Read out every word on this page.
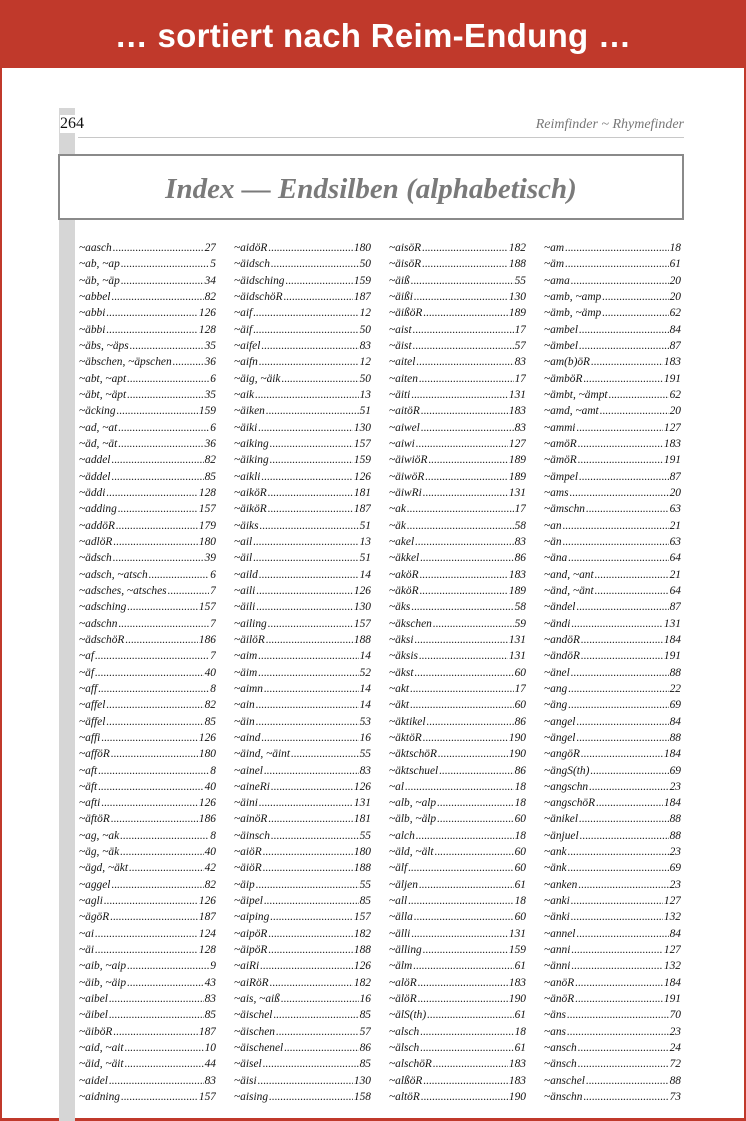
… sortiert nach Reim-Endung …
264	Reimfinder ~ Rhymefinder
Index — Endsilben (alphabetisch)
~aasch .....	27
~ab, ~ap .....	5
~äb, ~äp .....	34
~abbel .....	82
~abbi .....	126
~äbbi .....	128
~äbs, ~äps .....	35
~äbschen, ~äpschen .....	36
~abt, ~apt .....	6
~äbt, ~äpt .....	35
~äcking .....	159
~ad, ~at .....	6
~äd, ~ät .....	36
~addel .....	82
~äddel .....	85
~äddi .....	128
~adding .....	157
~addöR .....	179
~adlöR .....	180
~ädsch .....	39
~adsch, ~atsch .....	6
~adsches, ~atsches .....	7
~adsching .....	157
~adschn .....	7
~ädschöR .....	186
~af .....	7
~äf .....	40
~aff .....	8
~affel .....	82
~äffel .....	85
~affi .....	126
~afföR .....	180
~aft .....	8
~äft .....	40
~afti .....	126
~äftöR .....	186
~ag, ~ak .....	8
~äg, ~äk .....	40
~ägd, ~äkt .....	42
~aggel .....	82
~agli .....	126
~ägöR .....	187
~ai .....	124
~äi .....	128
~aib, ~aip .....	9
~äib, ~äip .....	43
~aibel .....	83
~äibel .....	85
~äiböR .....	187
~aid, ~ait .....	10
~äid, ~äit .....	44
~aidel .....	83
~aidning .....	157
~aidöR .....	180
~äidsch .....	50
~äidsching .....	159
~äidschöR .....	187
~aif .....	12
~äif .....	50
~aifel .....	83
~aifn .....	12
~äig, ~äik .....	50
~aik .....	13
~äiken .....	51
~äiki .....	130
~aiking .....	157
~äiking .....	159
~aikli .....	126
~aiköR .....	181
~äiköR .....	187
~äiks .....	51
~ail .....	13
~äil .....	51
~aild .....	14
~aili .....	126
~äili .....	130
~ailing .....	157
~äilöR .....	188
~aim .....	14
~äim .....	52
~aimn .....	14
~ain .....	14
~äin .....	53
~aind .....	16
~äind, ~äint .....	55
~ainel .....	83
~aineRi .....	126
~äini .....	131
~ainöR .....	181
~äinsch .....	55
~aiöR .....	180
~äiöR .....	188
~äip .....	55
~äipel .....	85
~aiping .....	157
~aipöR .....	182
~äipöR .....	188
~aiRi .....	126
~aiRöR .....	182
~ais, ~aiß .....	16
~äischel .....	85
~äischen .....	57
~äischenel .....	86
~äisel .....	85
~äisi .....	130
~aising .....	158
~aisöR .....	182
~äisöR .....	188
~äiß .....	55
~äißi .....	130
~äißöR .....	189
~aist .....	17
~äist .....	57
~aitel .....	83
~aiten .....	17
~äiti .....	131
~aitöR .....	183
~aiwel .....	83
~aiwi .....	127
~äiwiöR .....	189
~äiwöR .....	189
~äiwRi .....	131
~ak .....	17
~äk .....	58
~akel .....	83
~äkkel .....	86
~aköR .....	183
~äköR .....	189
~äks .....	58
~äkschen .....	59
~äksi .....	131
~äksis .....	131
~äkst .....	60
~akt .....	17
~äkt .....	60
~äktikel .....	86
~äktöR .....	190
~äktschöR .....	190
~äktschuel .....	86
~al .....	18
~alb, ~alp .....	18
~älb, ~älp .....	60
~alch .....	18
~äld, ~ält .....	60
~älf .....	60
~äljen .....	61
~all .....	18
~älla .....	60
~älli .....	131
~älling .....	159
~älm .....	61
~alöR .....	183
~älöR .....	190
~älS(th) .....	61
~alsch .....	18
~älsch .....	61
~alschöR .....	183
~alßöR .....	183
~altöR .....	190
~am .....	18
~äm .....	61
~ama .....	20
~amb, ~amp .....	20
~ämb, ~ämp .....	62
~ambel .....	84
~ämbel .....	87
~am(b)öR .....	183
~ämböR .....	191
~ämbt, ~ämpt .....	62
~amd, ~amt .....	20
~ammi .....	127
~amöR .....	183
~ämöR .....	191
~ämpel .....	87
~ams .....	20
~ämschn .....	63
~an .....	21
~än .....	63
~äna .....	64
~and, ~ant .....	21
~änd, ~änt .....	64
~ändel .....	87
~ändi .....	131
~andöR .....	184
~ändöR .....	191
~änel .....	88
~ang .....	22
~äng .....	69
~angel .....	84
~ängel .....	88
~angöR .....	184
~ängS(th) .....	69
~angschn .....	23
~angschöR .....	184
~änikel .....	88
~änjuel .....	88
~ank .....	23
~änk .....	69
~anken .....	23
~anki .....	127
~änki .....	132
~annel .....	84
~anni .....	127
~änni .....	132
~anöR .....	184
~änöR .....	191
~äns .....	70
~ans .....	23
~ansch .....	24
~änsch .....	72
~anschel .....	88
~änschn .....	73
